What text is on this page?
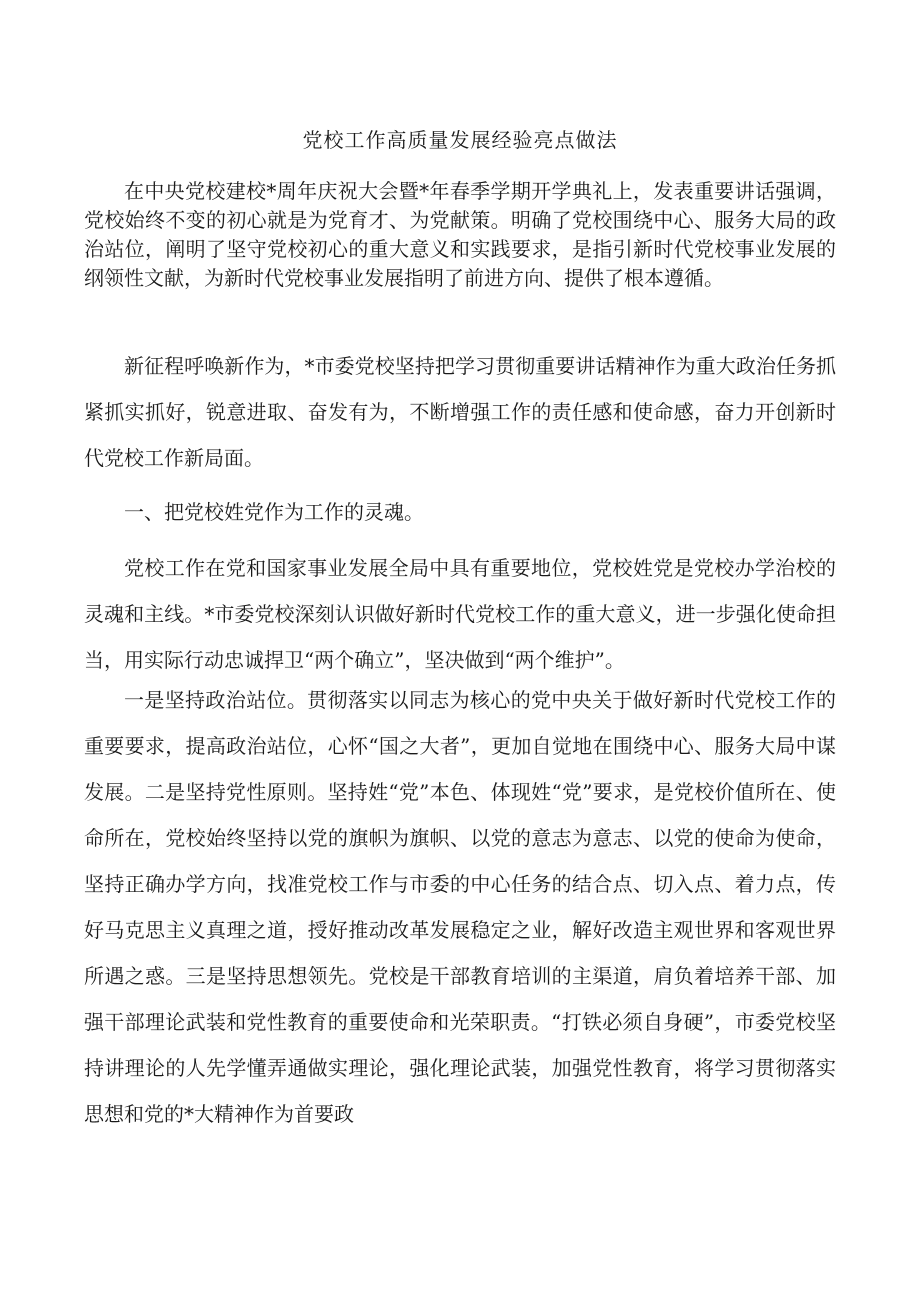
党校工作高质量发展经验亮点做法

在中央党校建校*周年庆祝大会暨*年春季学期开学典礼上，发表重要讲话强调，党校始终不变的初心就是为党育才、为党献策。明确了党校围绕中心、服务大局的政治站位，阐明了坚守党校初心的重大意义和实践要求，是指引新时代党校事业发展的纲领性文献，为新时代党校事业发展指明了前进方向、提供了根本遵循。

新征程呼唤新作为，*市委党校坚持把学习贯彻重要讲话精神作为重大政治任务抓紧抓实抓好，锐意进取、奋发有为，不断增强工作的责任感和使命感，奋力开创新时代党校工作新局面。

一、把党校姓党作为工作的灵魂。

党校工作在党和国家事业发展全局中具有重要地位，党校姓党是党校办学治校的灵魂和主线。*市委党校深刻认识做好新时代党校工作的重大意义，进一步强化使命担当，用实际行动忠诚捍卫“两个确立”，坚决做到“两个维护”。

一是坚持政治站位。贯彻落实以同志为核心的党中央关于做好新时代党校工作的重要要求，提高政治站位，心怀“国之大者”，更加自觉地在围绕中心、服务大局中谋发展。二是坚持党性原则。坚持姓“党”本色、体现姓“党”要求，是党校价值所在、使命所在，党校始终坚持以党的旗帜为旗帜、以党的意志为意志、以党的使命为使命，坚持正确办学方向，找准党校工作与市委的中心任务的结合点、切入点、着力点，传好马克思主义真理之道，授好推动改革发展稳定之业，解好改造主观世界和客观世界所遇之惑。三是坚持思想领先。党校是干部教育培训的主渠道，肩负着培养干部、加强干部理论武装和党性教育的重要使命和光荣职责。“打铁必须自身硬”，市委党校坚持讲理论的人先学懂弄通做实理论，强化理论武装，加强党性教育，将学习贯彻落实思想和党的*大精神作为首要政
